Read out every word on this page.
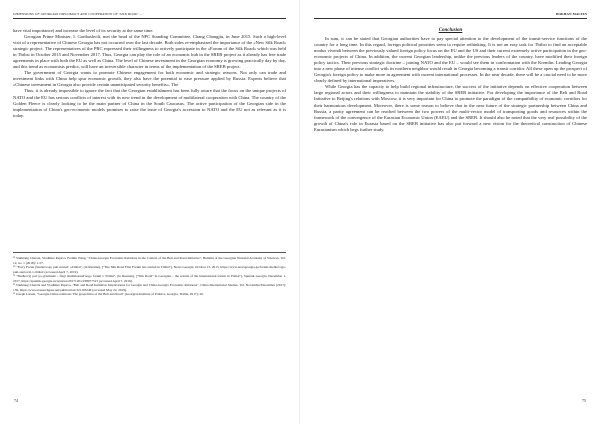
DIMENSIONS OF GEORGIAN DIPLOMACY AND COOPERATION OF 'SILK ROAD' ...

have vital importance) and increase the level of its security at the same time.

Georgian Prime Minister, I. Garibashvili, met the head of the NPC Standing Committee, Chang Changjiu, in June 2015. Such a high-level visit of a representative of Chinese Georgia has not occurred over the last decade. Both sides re-emphasized the importance of the «New Silk Road» strategic project. The representatives of the PRC expressed their willingness to actively participate in the «Forum of the Silk Road» which was held in Tbilisi in October 2015 and November 2017. Thus, Georgia can play the role of an economic hub in the SREB project as it already has free trade agreements in place with both the EU as well as China. The level of Chinese investment in the Georgian economy is growing practically day by day, and this trend as economists predict, will have an irreversible character in terms of the implementation of the SREB project.

The government of Georgia wants to promote Chinese engagement for both economic and strategic reasons. Not only can trade and investment links with China help spur economic growth, they also have the potential to ease pressure applied by Russia. Experts believe that «Chinese investment in Georgia also provide certain unanticipated security benefits». The

Thus, it is already impossible to ignore the fact that the Georgian establishment has been fully aware that the focus on the unique projects of NATO and the EU has serious conflicts of interest with its new trend in the development of multilateral cooperation with China. The country of the Golden Fleece is clearly looking to be the main partner of China in the South Caucasus. The active participation of the Georgian side in the implementation of China's geo-economic models promises to raise the issue of Georgia's accession to NATO and the EU not as relevant as it is today.

¹⁹ Vakhtang Charaia, Vladimer Papava, Fermin Wang, "China-Georgia Economic Relations in the Context of the Belt and Road Initiative", Bulletin of the Georgian National Academy of Sciences, Vol. 12, no. 1 (2018): 1-57.
²⁰ "Forry Forun (Szelkovogo puti started: «Tbilisi", (in Russian), ["The Silk Road First Forum has started in Tbilisi"], News Georgia, October 15, 2015, https://www.newsgeorgia.ge/forum-shelkovogo-puti-startoval-v-tbilisi/ (accessed April 7, 2019).
²¹ "Shelkovyj put' po-gruzinski – flagi institutsional'nogo forum v Tbilisi", (in Russian), ["Silk Road" in Georgian – the results of the international forum in Tbilisi"], Sputnik Georgia, December 1, 2017, https://sputnik-georgia.ru/reviews/20171201/238077313 (accessed April 7, 2019).
²² Vakhtang Charaia and Vladimer Papava, "Belt and Road Initiative: Implications for Georgia and China-Georgia Economic Relations", China International Studies, Vol. November/December (2017): 139, https://www.researchgate.net/publication/321193249 (accessed May 22, 2019).
²³ Joseph Larsen, "Georgia-China relations: The geopolitics of the Belt and Road" (Georgian Institute of Politics, Georgia, Tbilisi, 2017): 20.
74
BOKHAN MALYIN
Conclusion

In sum, it can be stated that Georgian authorities have to pay special attention to the development of the transit-service functions of the country for a long time. In this regard, foreign political priorities seem to require rethinking. It is not an easy task for Tbilisi to find an acceptable modus vivendi between the previously valued foreign policy focus on the EU and the US and their current extremely active participation in the geo-economic projects of China. In addition, the current Georgian leadership, unlike the previous leaders of the country, have modified their foreign policy tactics. Their previous strategic doctrine – joining NATO and the EU – would see them in confrontation with the Kremlin. Leading Georgia into a new phase of intense conflict with its northern neighbor would result in Georgia becoming a transit corridor. All these open up the prospect of Georgia's foreign policy to make more in agreement with current international processes. In the near decade, there will be a crucial need to be more clearly defined by international imperatives.

While Georgia has the capacity to help build regional infrastructure, the success of the initiative depends on effective cooperation between large regional actors and their willingness to maintain the stability of the SREB initiative. For developing the importance of the Belt and Road Initiative to Beijing's relations with Moscow, it is very important for China to promote the paradigm of the compatibility of economic corridors for their harmonious development. Moreover, there is some reason to believe that in the near future of the strategic partnership between China and Russia, a parity agreement can be reached between the two powers of the multi-vector model of transporting goods and resources within the framework of the convergence of the Eurasian Economic Union (EAEU) and the SREB. It should also be noted that the very real possibility of the growth of China's role in Eurasia based on the SREB initiative has also put forward a new vision for the theoretical construction of Chinese Eurasianism which begs further study.

75
